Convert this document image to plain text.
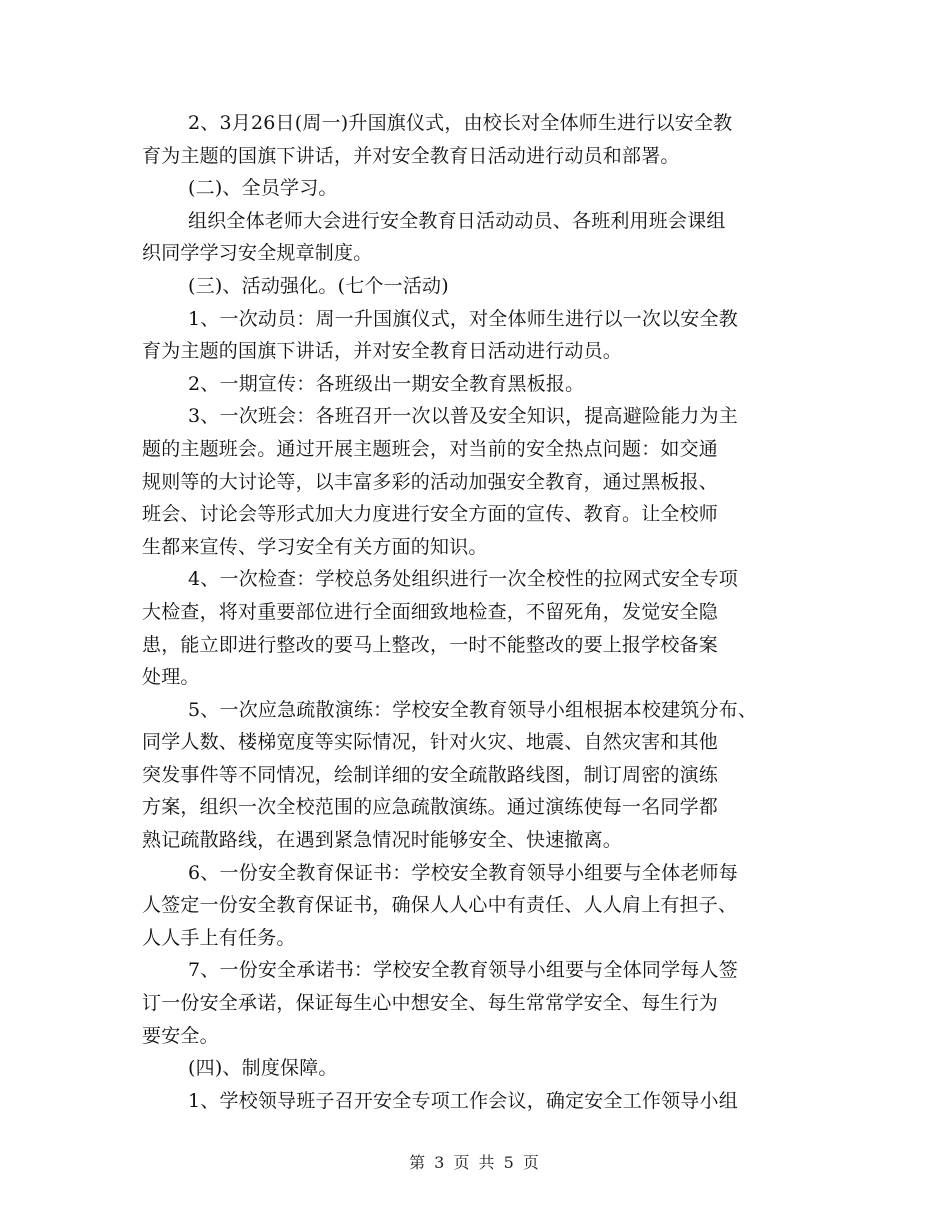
2、3月26日(周一)升国旗仪式，由校长对全体师生进行以安全教
育为主题的国旗下讲话，并对安全教育日活动进行动员和部署。
(二)、全员学习。
组织全体老师大会进行安全教育日活动动员、各班利用班会课组
织同学学习安全规章制度。
(三)、活动强化。(七个一活动)
1、一次动员：周一升国旗仪式，对全体师生进行以一次以安全教
育为主题的国旗下讲话，并对安全教育日活动进行动员。
2、一期宣传：各班级出一期安全教育黑板报。
3、一次班会：各班召开一次以普及安全知识，提高避险能力为主
题的主题班会。通过开展主题班会，对当前的安全热点问题：如交通
规则等的大讨论等，以丰富多彩的活动加强安全教育，通过黑板报、
班会、讨论会等形式加大力度进行安全方面的宣传、教育。让全校师
生都来宣传、学习安全有关方面的知识。
4、一次检查：学校总务处组织进行一次全校性的拉网式安全专项
大检查，将对重要部位进行全面细致地检查，不留死角，发觉安全隐
患，能立即进行整改的要马上整改，一时不能整改的要上报学校备案
处理。
5、一次应急疏散演练：学校安全教育领导小组根据本校建筑分布、
同学人数、楼梯宽度等实际情况，针对火灾、地震、自然灾害和其他
突发事件等不同情况，绘制详细的安全疏散路线图，制订周密的演练
方案，组织一次全校范围的应急疏散演练。通过演练使每一名同学都
熟记疏散路线，在遇到紧急情况时能够安全、快速撤离。
6、一份安全教育保证书：学校安全教育领导小组要与全体老师每
人签定一份安全教育保证书，确保人人心中有责任、人人肩上有担子、
人人手上有任务。
7、一份安全承诺书：学校安全教育领导小组要与全体同学每人签
订一份安全承诺，保证每生心中想安全、每生常常学安全、每生行为
要安全。
(四)、制度保障。
1、学校领导班子召开安全专项工作会议，确定安全工作领导小组
第 3 页 共 5 页
